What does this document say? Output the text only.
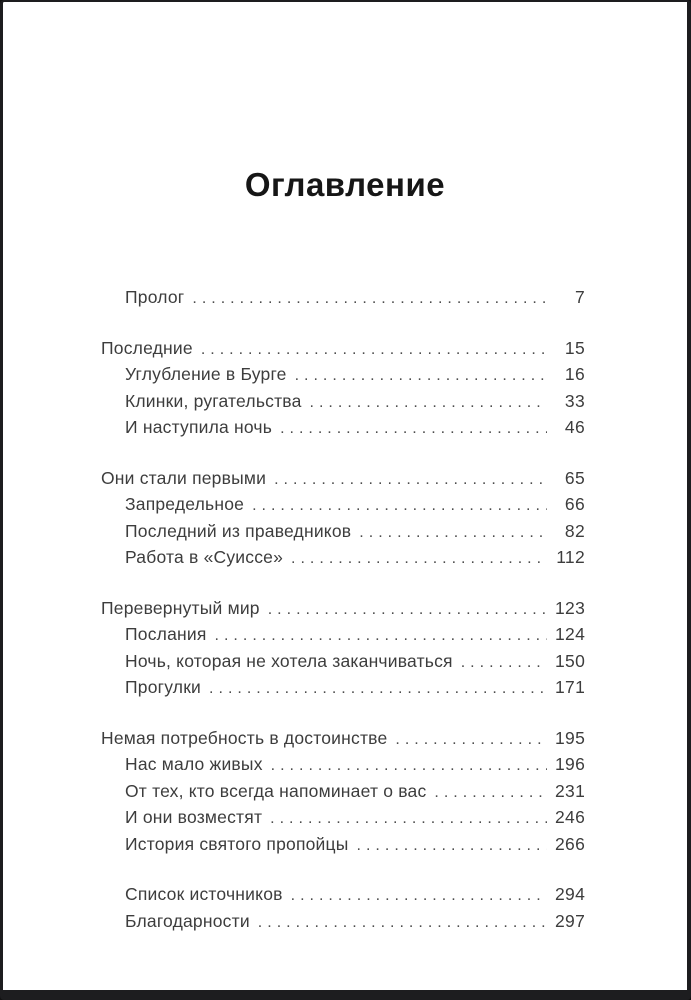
Оглавление
Пролог .....	7
Последние .....	15
Углубление в Бурге .....	16
Клинки, ругательства .....	33
И наступила ночь .....	46
Они стали первыми .....	65
Запредельное .....	66
Последний из праведников .....	82
Работа в «Суиссе» .....	112
Перевернутый мир .....	123
Послания .....	124
Ночь, которая не хотела заканчиваться .....	150
Прогулки .....	171
Немая потребность в достоинстве .....	195
Нас мало живых .....	196
От тех, кто всегда напоминает о вас .....	231
И они возместят .....	246
История святого пропойцы .....	266
Список источников .....	294
Благодарности .....	297
